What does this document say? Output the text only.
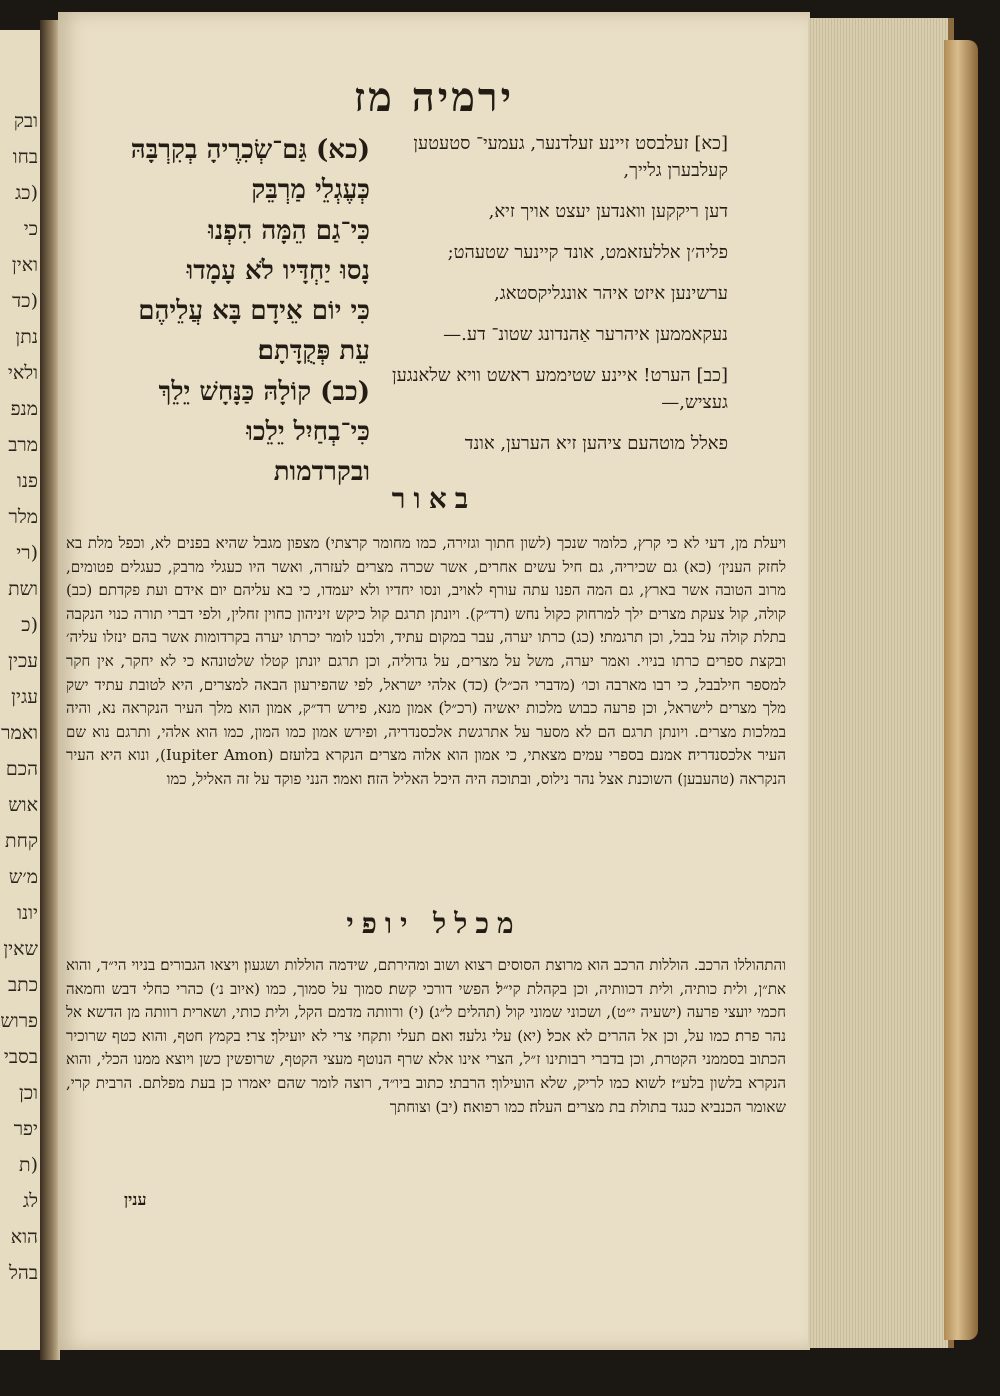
ובק
בחו
(כג
כי
ואין
(כד
נתן
ולאי
מנפ
מרב
פנו
מלר
(רי
ושת
(כ
עכין
עגין
ואמר
הכם
אוש
קחת
מ׳ש
יונו
שאין
כתב
פרוש
בסבי
וכן
יפר
(ת
לג
הוא
בהל
ירמיה מז
[כא] זעלבסט זיינע זעלדנער, געמעי־ סטעטען קעלבערן גלייך,
דען ריקקען וואנדען יעצט אויך זיא,
פליה׳ן אללעזאמט, אונד קיינער שטעהט;
ערשינען איזט איהר אונגליקסטאג,
נעקאממען איהרער אַהנדונג שטונ־ דע.—
[כב] הערט! איינע שטיממע ראשט וויא שלאנגען געציש,—
פאלל מוטהעם ציהען זיא הערען, אונד
(כא) גַּם־שְׂכִרֶיהָ בְקִרְבָּהּ
כְּעֶגְלֵי מַרְבֵּק
כִּי־גַם הֵמָּה הִפְנוּ
נָסוּ יַחְדָּיו לֹא עָמָדוּ
כִּי יוֹם אֵידָם בָּא עֲלֵיהֶם
עֵת פְּקֻדָּתָם׃
(כב) קוֹלָהּ כַּנָּחָשׁ יֵלֵךְ
כִּי־בְחַיִל יֵלֵכוּ
ובקרדמות
באור
ויעלת מן, דעי לא כי קרץ, כלומר שנכך (לשון חתוך וגזירה, כמו מחומר קרצתי) מצפון מגבל שהיא בפנים לא, וכפל מלת בא לחזק הענין׳ (כא) גם שכיריה, גם חיל עשים אחרים, אשר שכרה מצרים לעזרה, ואשר היו כעגלי מרבק, כעגלים פטומים, מרוב הטובה אשר בארץ, גם המה הפנו עתה עורף לאויב, ונסו יחדיו ולא יעמדו, כי בא עליהם יום אידם ועת פקדתם׃ (כב) קולה, קול צעקת מצרים ילך למרחוק כקול נחש (רד״ק). ויונתן תרגם קול כיקש זיניהון כחוין זחלין, ולפי דברי תורה כנוי הנקבה בתלת קולה על בבל, וכן תרגמתי׃ (כג) כרתו יערה, עבר במקום עתיד, ולכנו לומר יכרתו יערה בקרדומות אשר בהם ינזלו עליה׳ ובקצת ספרים כרתו בניוי. ואמר יערה, משל על מצרים, על גדוליה, וכן תרגם יונתן קטלו שלטונהא׃ כי לא יחקר, אין חקר למספר חילבבל, כי רבו מארבה וכו׳ (מדברי הכ״ל)׃ (כד) אלהי ישראל, לפי שהפירעון הבאה למצרים, היא לטובת עתיד ישק מלך מצרים לישראל, וכן פרעה כבוש מלכות יאשיה (רכ״ל)׃ אמון מנא, פירש רד״ק, אמון הוא מלך העיר הנקראה נא, והיה במלכות מצרים. ויונתן תרגם הם לא מסער על אתרגשת אלכסנדריה, ופירש אמון כמו המון, כמו הוא אלהי, ותרגם נוא שם העיר אלכסנדריה׃ אמנם בספרי עמים מצאתי, כי אמון הוא אלוה מצרים הנקרא בלועזם (Iupiter Amon), ונוא היא העיר הנקראה (טהעבען) השוכנת אצל נהר נילוס, ובתוכה היה היכל האליל הזה׃ ואמר׃ הנני פוקד על זה האליל, כמו
מכלל יופי
והתהוללו הרכב. הוללות הרכב הוא מרוצת הסוסים רצוא ושוב ומהירתם, שידמה הוללות ושגעון׃ ויצאו הגבורים׃ בניוי הי״ד, והוא את״ן, ולית כותיה, ולית דכוותיה, וכן בקהלת קי״ל׃ הפשי דורכי קשת׃ סמוך על סמוך, כמו (איוב נ׳) כהרי כחלי דבש וחמאה חכמי יועצי פרעה (ישעיה י״ט), ושכוני שמוני קול (תהלים ל״ג)׃ (י) ורוותה מדמם הקל, ולית כותי, ושארית רוותה מן הדשא׃ אל נהר פרת׃ כמו על, וכן אל ההרים לא אכל׃ (יא) עלי גלעד׃ ואם תעלי ותקחי צרי לא יועילך׃ צרי׃ בקמץ חטף, והוא כטף שרוכיר הכתוב בסממני הקטרת, וכן בדברי רבותינו ז״ל, הצרי אינו אלא שרף הנוטף מעצי הקטף, שרופשין כשן ויוצא ממנו הכלי, והוא הנקרא בלשון בלע״ז׃ לשוא׃ כמו לריק, שלא הועילוך׃ הרבתי׃ כתוב ביו״ד, רוצה לומר שהם יאמרו כן בעת מפלתם. הרבית קרי, שאומר הכנביא כנגד בתולת בת מצרים׃ העלה׃ כמו רפואה׃ (יב) וצוחתך
ענין
